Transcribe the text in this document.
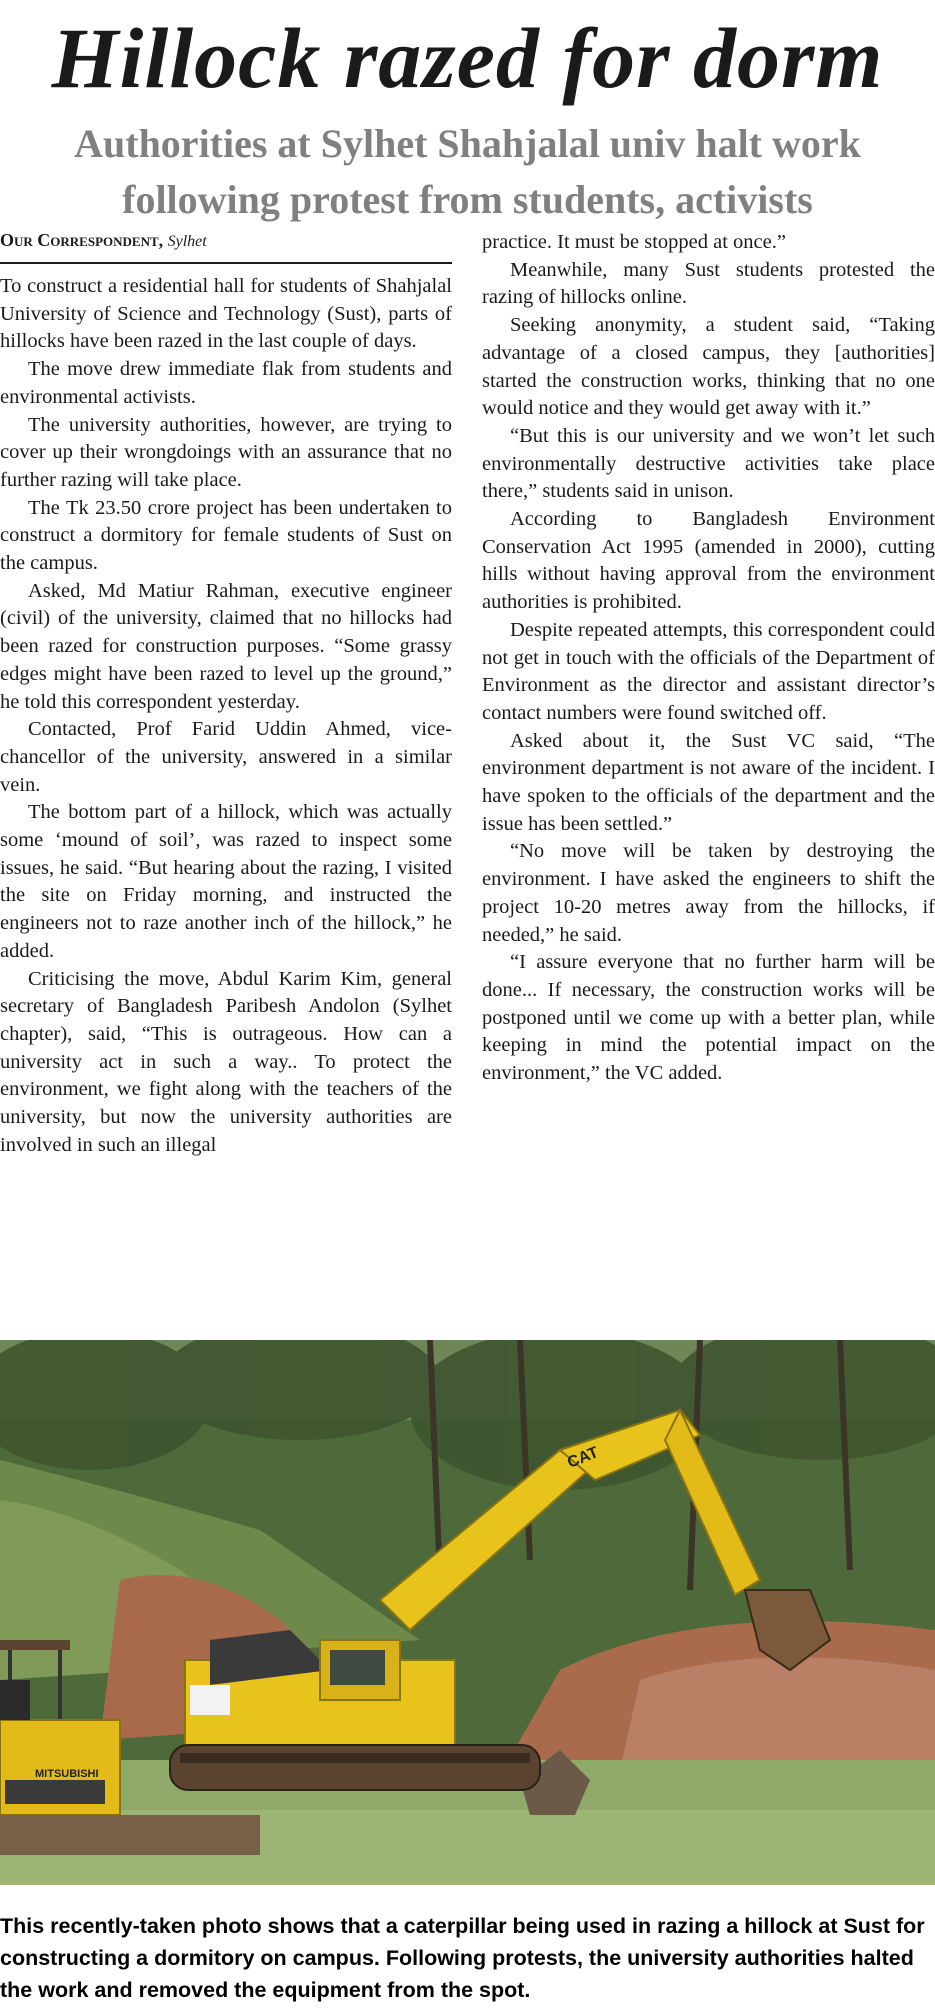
Hillock razed for dorm
Authorities at Sylhet Shahjalal univ halt work
following protest from students, activists
Our Correspondent, Sylhet

To construct a residential hall for students of Shahjalal University of Science and Technology (Sust), parts of hillocks have been razed in the last couple of days.

The move drew immediate flak from students and environmental activists.

The university authorities, however, are trying to cover up their wrongdoings with an assurance that no further razing will take place.

The Tk 23.50 crore project has been undertaken to construct a dormitory for female students of Sust on the campus.

Asked, Md Matiur Rahman, executive engineer (civil) of the university, claimed that no hillocks had been razed for construction purposes. “Some grassy edges might have been razed to level up the ground,” he told this correspondent yesterday.

Contacted, Prof Farid Uddin Ahmed, vice-chancellor of the university, answered in a similar vein.

The bottom part of a hillock, which was actually some ‘mound of soil’, was razed to inspect some issues, he said. “But hearing about the razing, I visited the site on Friday morning, and instructed the engineers not to raze another inch of the hillock,” he added.

Criticising the move, Abdul Karim Kim, general secretary of Bangladesh Paribesh Andolon (Sylhet chapter), said, “This is outrageous. How can a university act in such a way.. To protect the environment, we fight along with the teachers of the university, but now the university authorities are involved in such an illegal

practice. It must be stopped at once.”

Meanwhile, many Sust students protested the razing of hillocks online.

Seeking anonymity, a student said, “Taking advantage of a closed campus, they [authorities] started the construction works, thinking that no one would notice and they would get away with it.”

“But this is our university and we won’t let such environmentally destructive activities take place there,” students said in unison.

According to Bangladesh Environment Conservation Act 1995 (amended in 2000), cutting hills without having approval from the environment authorities is prohibited.

Despite repeated attempts, this correspondent could not get in touch with the officials of the Department of Environment as the director and assistant director’s contact numbers were found switched off.

Asked about it, the Sust VC said, “The environment department is not aware of the incident. I have spoken to the officials of the department and the issue has been settled.”

“No move will be taken by destroying the environment. I have asked the engineers to shift the project 10-20 metres away from the hillocks, if needed,” he said.

“I assure everyone that no further harm will be done... If necessary, the construction works will be postponed until we come up with a better plan, while keeping in mind the potential impact on the environment,” the VC added.

CAT
MITSUBISHI
This recently-taken photo shows that a caterpillar being used in razing a hillock at Sust for constructing a dormitory on campus. Following protests, the university authorities halted the work and removed the equipment from the spot.
